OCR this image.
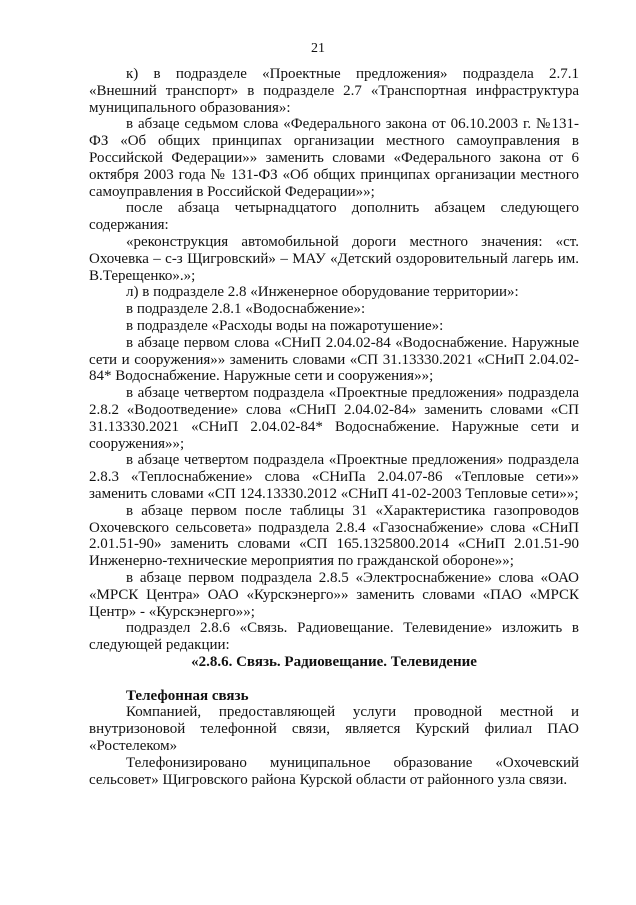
21

к) в подразделе «Проектные предложения» подраздела 2.7.1 «Внешний транспорт» в подразделе 2.7 «Транспортная инфраструктура муниципального образования»:

в абзаце седьмом слова «Федерального закона от 06.10.2003 г. №131-ФЗ «Об общих принципах организации местного самоуправления в Российской Федерации»» заменить словами «Федерального закона от 6 октября 2003 года № 131-ФЗ «Об общих принципах организации местного самоуправления в Российской Федерации»»;

после абзаца четырнадцатого дополнить абзацем следующего содержания:

«реконструкция автомобильной дороги местного значения: «ст. Охочевка – с-з Щигровский» – МАУ «Детский оздоровительный лагерь им. В.Терещенко».»;

л) в подразделе 2.8 «Инженерное оборудование территории»:

в подразделе 2.8.1 «Водоснабжение»:

в подразделе «Расходы воды на пожаротушение»:

в абзаце первом слова «СНиП 2.04.02-84 «Водоснабжение. Наружные сети и сооружения»» заменить словами «СП 31.13330.2021 «СНиП 2.04.02-84* Водоснабжение. Наружные сети и сооружения»»;

в абзаце четвертом подраздела «Проектные предложения» подраздела 2.8.2 «Водоотведение» слова «СНиП 2.04.02-84» заменить словами «СП 31.13330.2021 «СНиП 2.04.02-84* Водоснабжение. Наружные сети и сооружения»»;

в абзаце четвертом подраздела «Проектные предложения» подраздела 2.8.3 «Теплоснабжение» слова «СНиПа 2.04.07-86 «Тепловые сети»» заменить словами «СП 124.13330.2012 «СНиП 41-02-2003 Тепловые сети»»;

в абзаце первом после таблицы 31 «Характеристика газопроводов Охочевского сельсовета» подраздела 2.8.4 «Газоснабжение» слова «СНиП 2.01.51-90» заменить словами «СП 165.1325800.2014 «СНиП 2.01.51-90 Инженерно-технические мероприятия по гражданской обороне»»;

в абзаце первом подраздела 2.8.5 «Электроснабжение» слова «ОАО «МРСК Центра» ОАО «Курскэнерго»» заменить словами «ПАО «МРСК Центр» - «Курскэнерго»»;

подраздел 2.8.6 «Связь. Радиовещание. Телевидение» изложить в следующей редакции:

«2.8.6. Связь. Радиовещание. Телевидение

Телефонная связь

Компанией, предоставляющей услуги проводной местной и внутризоновой телефонной связи, является Курский филиал ПАО «Ростелеком»

Телефонизировано муниципальное образование «Охочевский сельсовет» Щигровского района Курской области от районного узла связи.
